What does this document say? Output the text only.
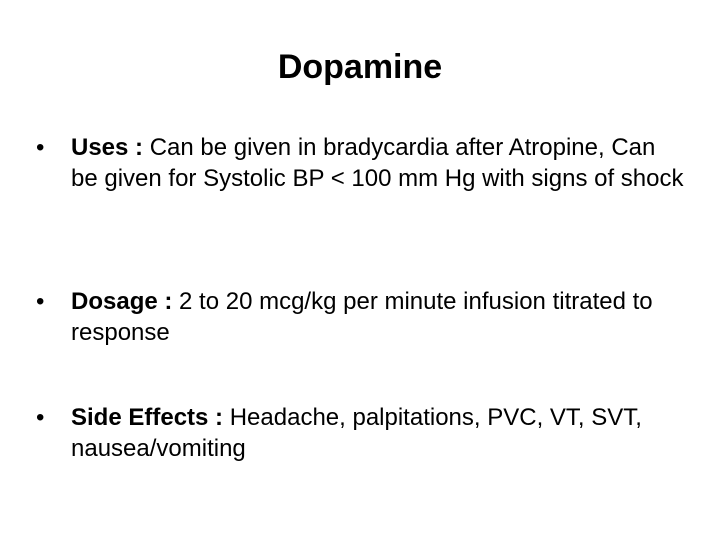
Dopamine
•	Uses : Can be given in bradycardia after Atropine, Can be given for Systolic BP < 100 mm Hg with signs of shock
•	Dosage : 2 to 20 mcg/kg per minute infusion titrated to response
•	Side Effects : Headache, palpitations, PVC, VT, SVT, nausea/vomiting
